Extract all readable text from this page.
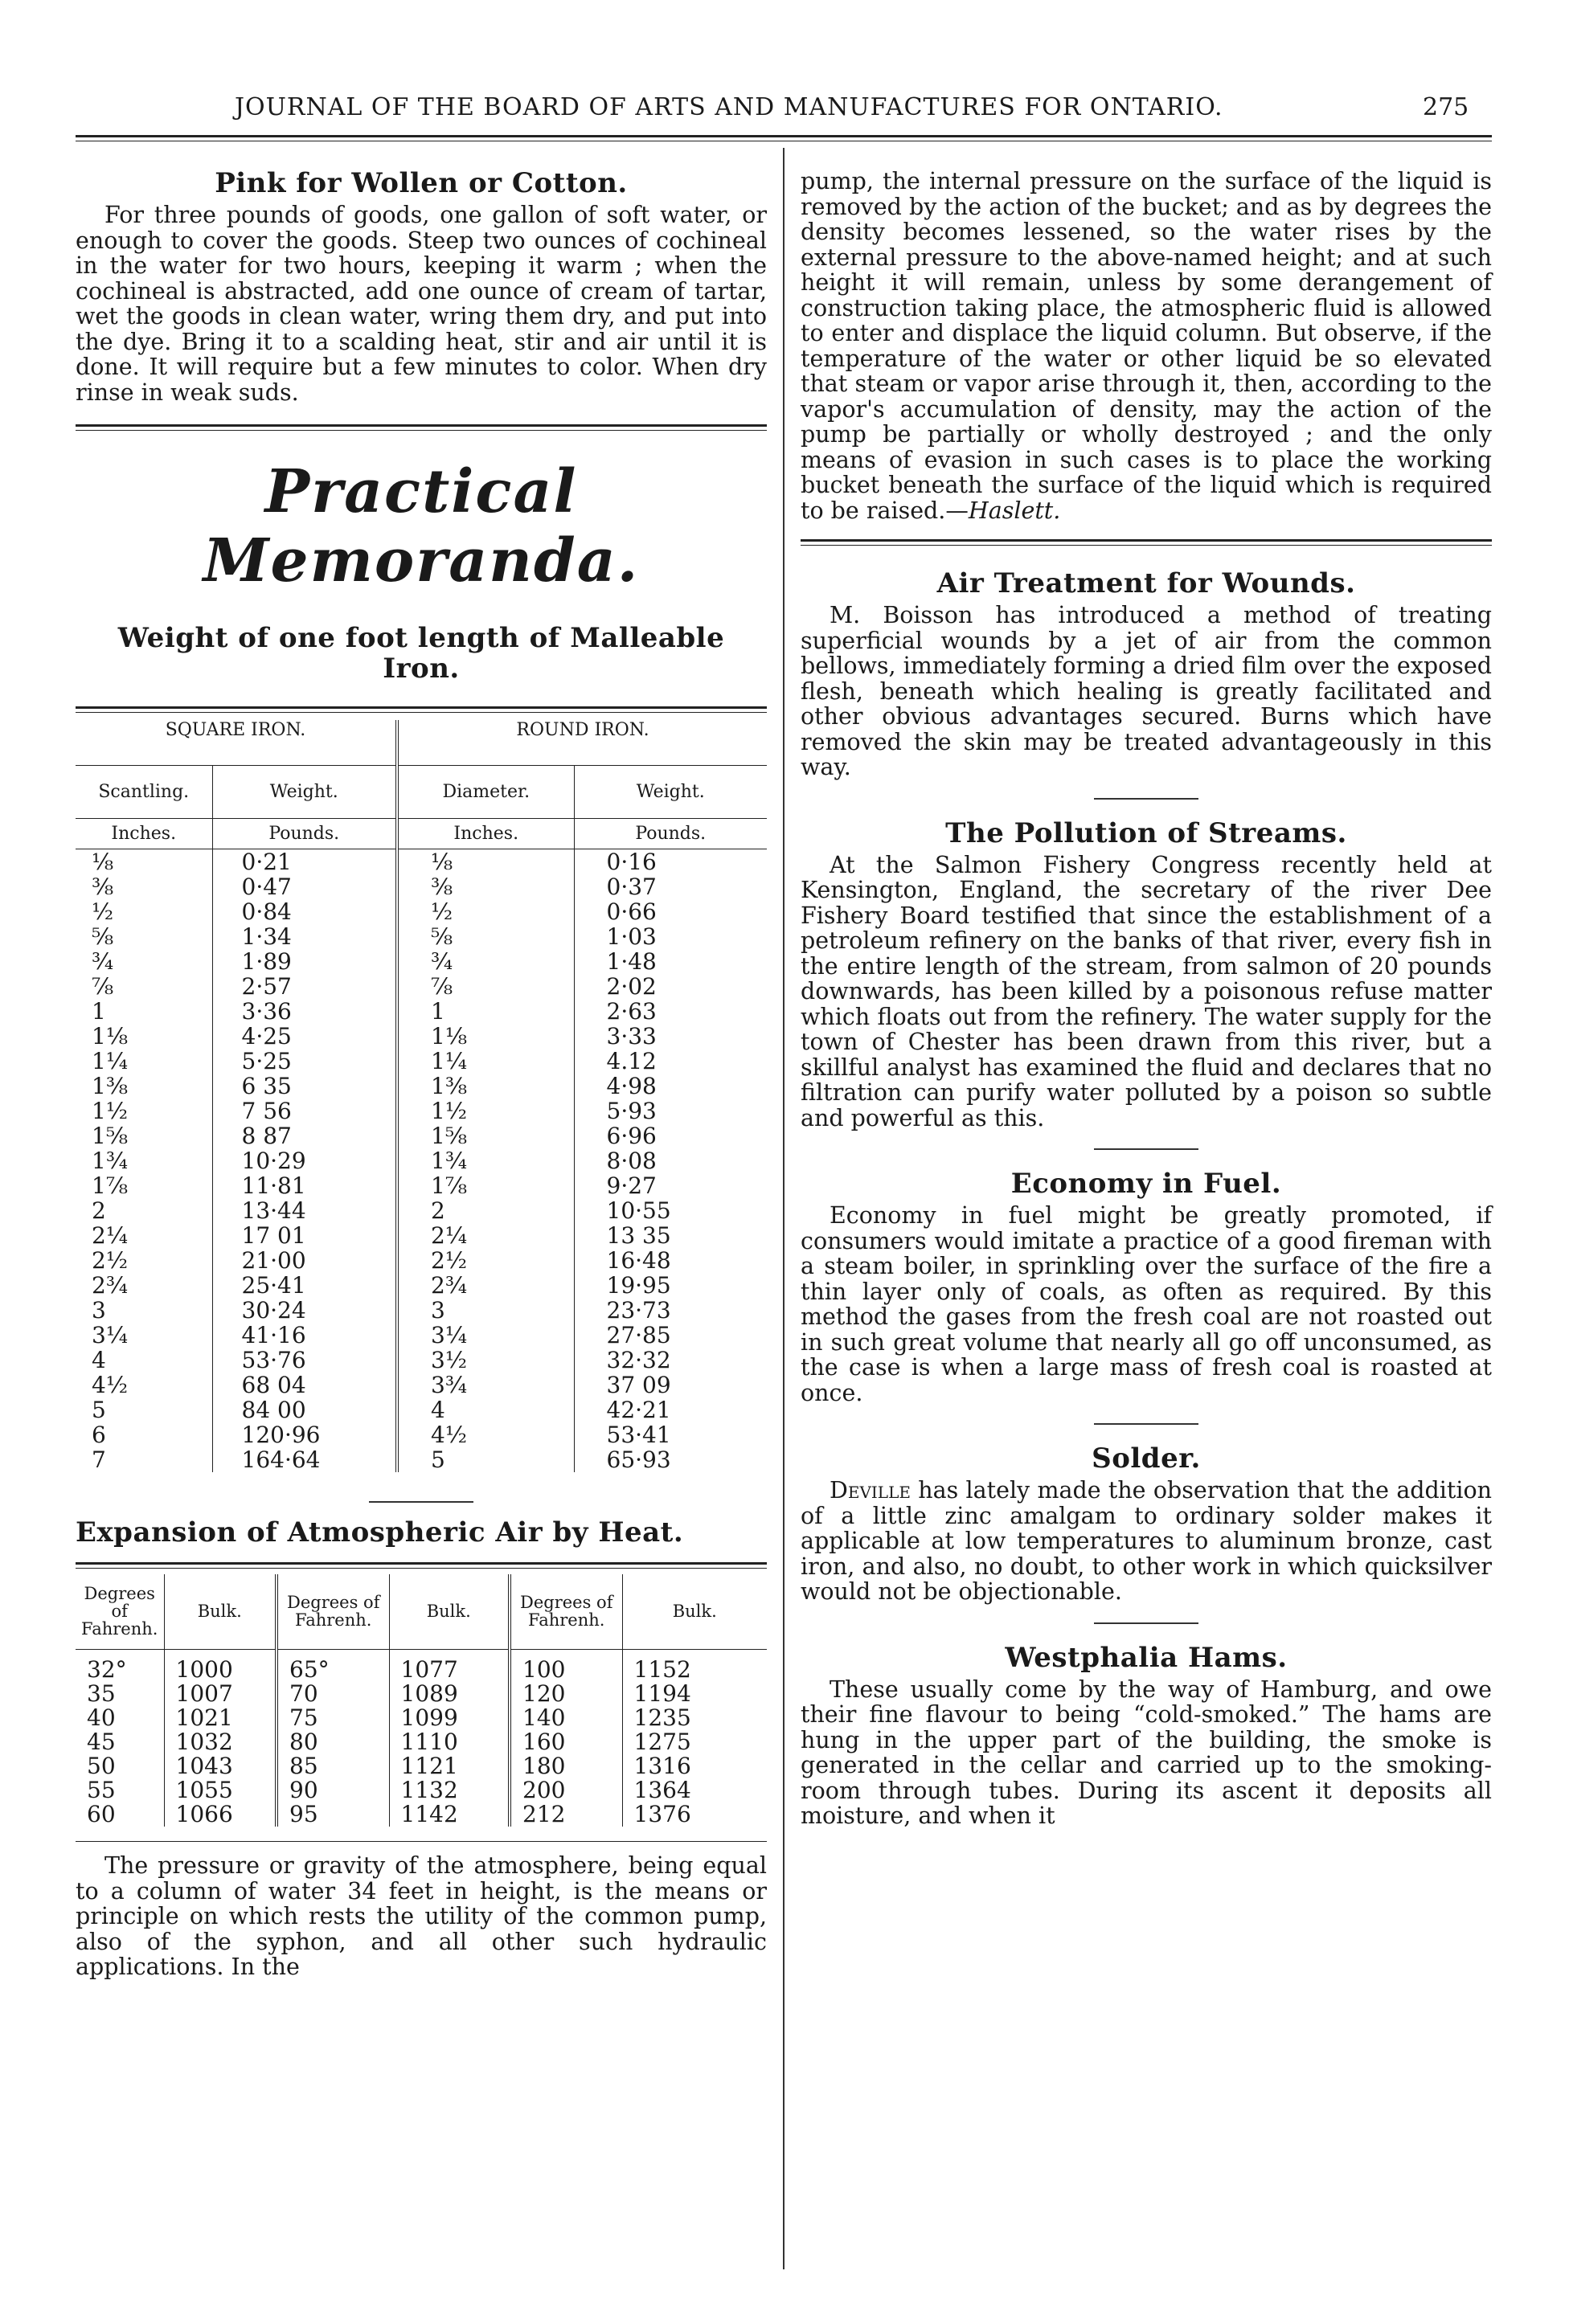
JOURNAL OF THE BOARD OF ARTS AND MANUFACTURES FOR ONTARIO.	275
Pink for Wollen or Cotton.

For three pounds of goods, one gallon of soft water, or enough to cover the goods. Steep two ounces of cochineal in the water for two hours, keeping it warm ; when the cochineal is abstracted, add one ounce of cream of tartar, wet the goods in clean water, wring them dry, and put into the dye. Bring it to a scalding heat, stir and air until it is done. It will require but a few minutes to color. When dry rinse in weak suds.

Practical Memoranda.
Weight of one foot length of Malleable Iron.
SQUARE IRON.		ROUND IRON.	
Scantling.	Weight.	Diameter.	Weight.
Inches.	Pounds.	Inches.	Pounds.
⅛	0·21	⅛	0·16
⅜	0·47	⅜	0·37
½	0·84	½	0·66
⅝	1·34	⅝	1·03
¾	1·89	¾	1·48
⅞	2·57	⅞	2·02
1	3·36	1	2·63
1⅛	4·25	1⅛	3·33
1¼	5·25	1¼	4.12
1⅜	6 35	1⅜	4·98
1½	7 56	1½	5·93
1⅝	8 87	1⅝	6·96
1¾	10·29	1¾	8·08
1⅞	11·81	1⅞	9·27
2	13·44	2	10·55
2¼	17 01	2¼	13 35
2½	21·00	2½	16·48
2¾	25·41	2¾	19·95
3	30·24	3	23·73
3¼	41·16	3¼	27·85
4	53·76	3½	32·32
4½	68 04	3¾	37 09
5	84 00	4	42·21
6	120·96	4½	53·41
7	164·64	5	65·93
Expansion of Atmospheric Air by Heat.
Degrees of Fahrenh.	Bulk.	Degrees of Fahrenh.	Bulk.	Degrees of Fahrenh.	Bulk.
32°	1000	65°	1077	100	1152
35	1007	70	1089	120	1194
40	1021	75	1099	140	1235
45	1032	80	1110	160	1275
50	1043	85	1121	180	1316
55	1055	90	1132	200	1364
60	1066	95	1142	212	1376

The pressure or gravity of the atmosphere, being equal to a column of water 34 feet in height, is the means or principle on which rests the utility of the common pump, also of the syphon, and all other such hydraulic applications. In the

pump, the internal pressure on the surface of the liquid is removed by the action of the bucket; and as by degrees the density becomes lessened, so the water rises by the external pressure to the above-named height; and at such height it will remain, unless by some derangement of construction taking place, the atmospheric fluid is allowed to enter and displace the liquid column. But observe, if the temperature of the water or other liquid be so elevated that steam or vapor arise through it, then, according to the vapor's accumulation of density, may the action of the pump be partially or wholly destroyed ; and the only means of evasion in such cases is to place the working bucket beneath the surface of the liquid which is required to be raised.—Haslett.

Air Treatment for Wounds.

M. Boisson has introduced a method of treating superficial wounds by a jet of air from the common bellows, immediately forming a dried film over the exposed flesh, beneath which healing is greatly facilitated and other obvious advantages secured. Burns which have removed the skin may be treated advantageously in this way.

The Pollution of Streams.

At the Salmon Fishery Congress recently held at Kensington, England, the secretary of the river Dee Fishery Board testified that since the establishment of a petroleum refinery on the banks of that river, every fish in the entire length of the stream, from salmon of 20 pounds downwards, has been killed by a poisonous refuse matter which floats out from the refinery. The water supply for the town of Chester has been drawn from this river, but a skillful analyst has examined the fluid and declares that no filtration can purify water polluted by a poison so subtle and powerful as this.

Economy in Fuel.

Economy in fuel might be greatly promoted, if consumers would imitate a practice of a good fireman with a steam boiler, in sprinkling over the surface of the fire a thin layer only of coals, as often as required. By this method the gases from the fresh coal are not roasted out in such great volume that nearly all go off unconsumed, as the case is when a large mass of fresh coal is roasted at once.

Solder.

Deville has lately made the observation that the addition of a little zinc amalgam to ordinary solder makes it applicable at low temperatures to aluminum bronze, cast iron, and also, no doubt, to other work in which quicksilver would not be objectionable.

Westphalia Hams.

These usually come by the way of Hamburg, and owe their fine flavour to being “cold-smoked.” The hams are hung in the upper part of the building, the smoke is generated in the cellar and carried up to the smoking-room through tubes. During its ascent it deposits all moisture, and when it
